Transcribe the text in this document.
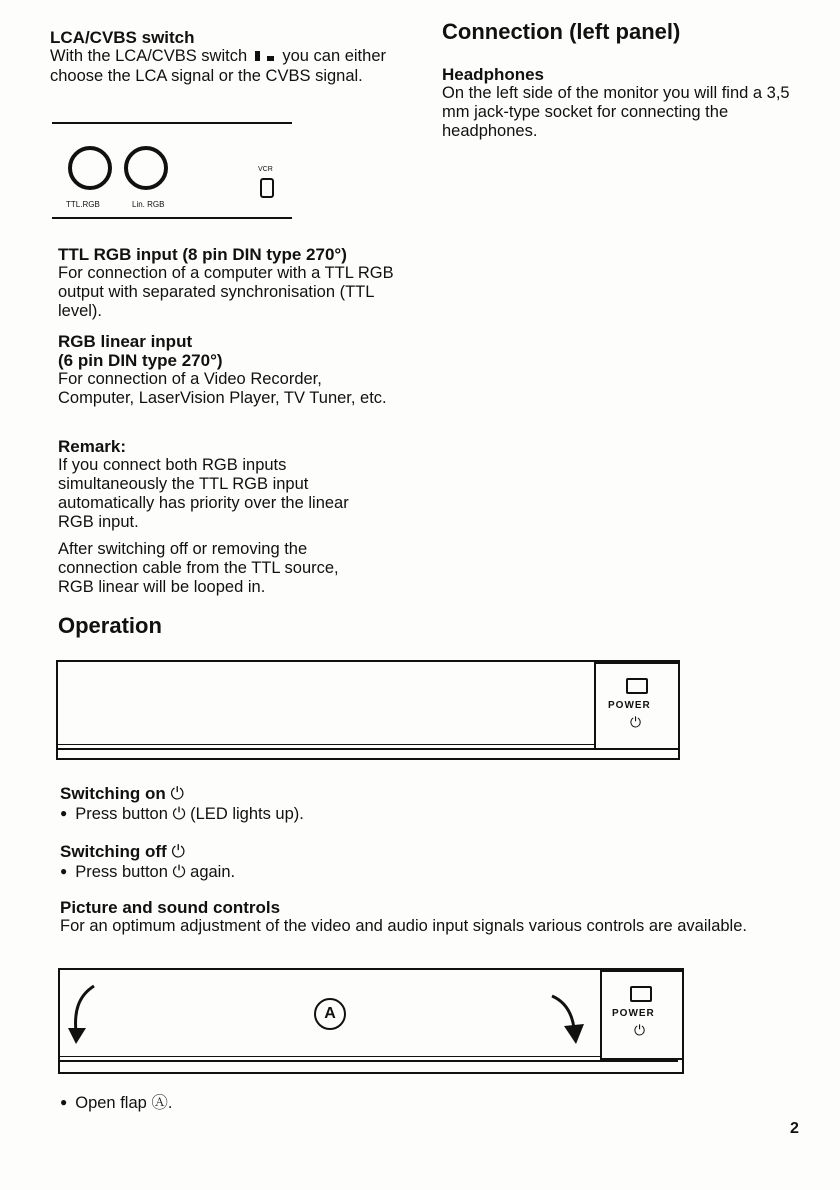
LCA/CVBS switch

With the LCA/CVBS switch you can either choose the LCA signal or the CVBS signal.

Connection (left panel)
Headphones

On the left side of the monitor you will find a 3,5 mm jack-type socket for connecting the headphones.

TTL.RGB	Lin. RGB
VCR
TTL RGB input (8 pin DIN type 270°)

For connection of a computer with a TTL RGB output with separated synchronisation (TTL level).

RGB linear input
(6 pin DIN type 270°)

For connection of a Video Recorder, Computer, LaserVision Player, TV Tuner, etc.

Remark:

If you connect both RGB inputs simultaneously the TTL RGB input automatically has priority over the linear RGB input.

After switching off or removing the connection cable from the TTL source, RGB linear will be looped in.

Operation
POWER
⏻
Switching on ⏻
● Press button ⏻ (LED lights up).
Switching off ⏻
● Press button ⏻ again.
Picture and sound controls

For an optimum adjustment of the video and audio input signals various controls are available.

A	POWER
⏻
● Open flap Ⓐ.
2
